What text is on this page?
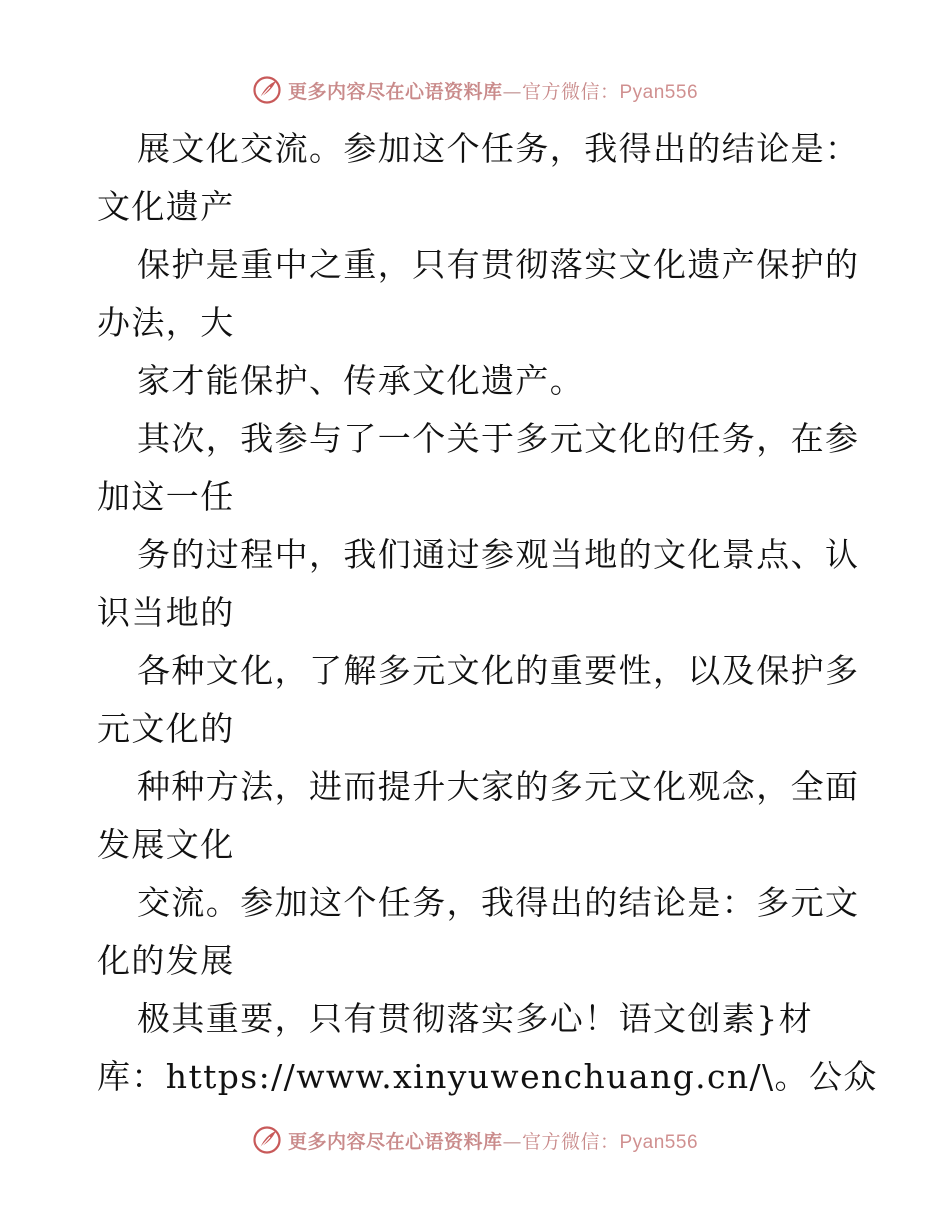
更多内容尽在心语资料库—官方微信：Pyan556
展文化交流。参加这个任务，我得出的结论是：
文化遗产
保护是重中之重，只有贯彻落实文化遗产保护的
办法，大
家才能保护、传承文化遗产。
其次，我参与了一个关于多元文化的任务，在参
加这一任
务的过程中，我们通过参观当地的文化景点、认
识当地的
各种文化，了解多元文化的重要性，以及保护多
元文化的
种种方法，进而提升大家的多元文化观念，全面
发展文化
交流。参加这个任务，我得出的结论是：多元文
化的发展
极其重要，只有贯彻落实多心！语文创素}材
库：https://www.xinyuwenchuang.cn/\。公众
更多内容尽在心语资料库—官方微信：Pyan556
